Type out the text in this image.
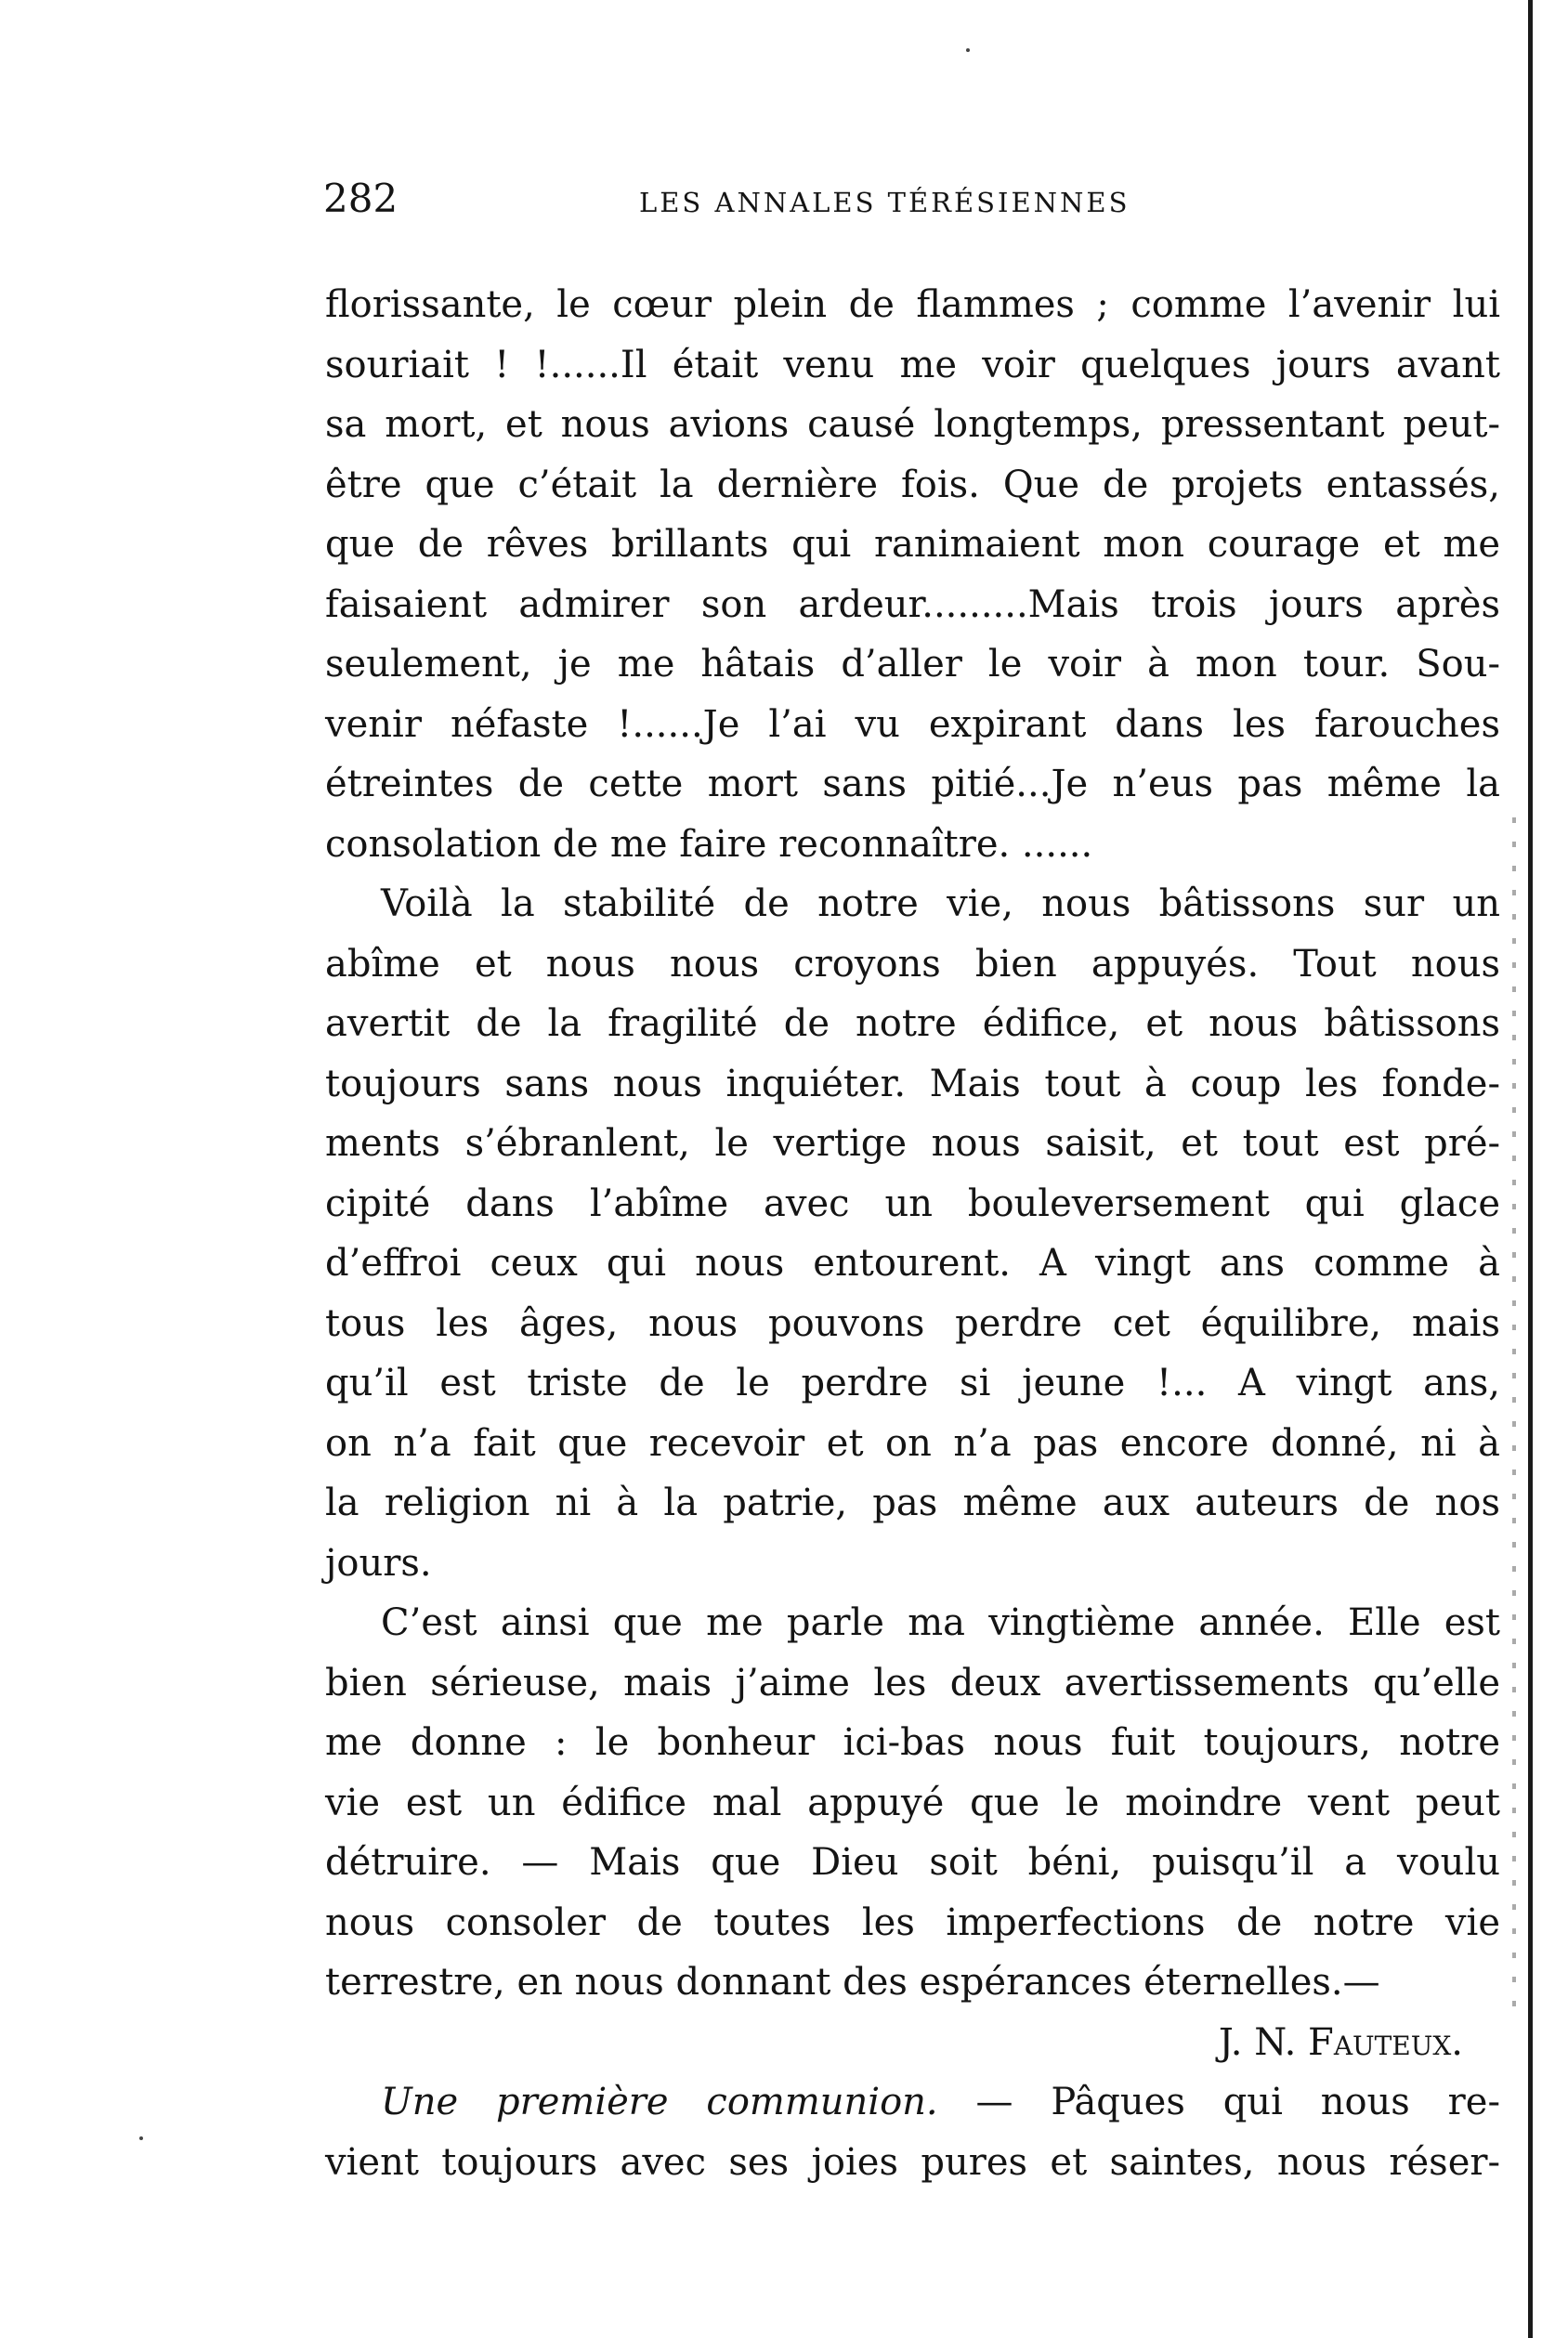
282	LES ANNALES TÉRÉSIENNES
florissante, le cœur plein de flammes ; comme l’avenir lui
souriait ! !......Il était venu me voir quelques jours avant
sa mort, et nous avions causé longtemps, pressentant peut-
être que c’était la dernière fois. Que de projets entassés,
que de rêves brillants qui ranimaient mon courage et me
faisaient admirer son ardeur.........Mais trois jours après
seulement, je me hâtais d’aller le voir à mon tour. Sou-
venir néfaste !......Je l’ai vu expirant dans les farouches
étreintes de cette mort sans pitié...Je n’eus pas même la
consolation de me faire reconnaître. ......
Voilà la stabilité de notre vie, nous bâtissons sur un
abîme et nous nous croyons bien appuyés. Tout nous
avertit de la fragilité de notre édifice, et nous bâtissons
toujours sans nous inquiéter. Mais tout à coup les fonde-
ments s’ébranlent, le vertige nous saisit, et tout est pré-
cipité dans l’abîme avec un bouleversement qui glace
d’effroi ceux qui nous entourent. A vingt ans comme à
tous les âges, nous pouvons perdre cet équilibre, mais
qu’il est triste de le perdre si jeune !... A vingt ans,
on n’a fait que recevoir et on n’a pas encore donné, ni à
la religion ni à la patrie, pas même aux auteurs de nos
jours.
C’est ainsi que me parle ma vingtième année. Elle est
bien sérieuse, mais j’aime les deux avertissements qu’elle
me donne : le bonheur ici-bas nous fuit toujours, notre
vie est un édifice mal appuyé que le moindre vent peut
détruire. — Mais que Dieu soit béni, puisqu’il a voulu
nous consoler de toutes les imperfections de notre vie
terrestre, en nous donnant des espérances éternelles.—
J. N. Fauteux.
Une première communion. — Pâques qui nous re-
vient toujours avec ses joies pures et saintes, nous réser-
